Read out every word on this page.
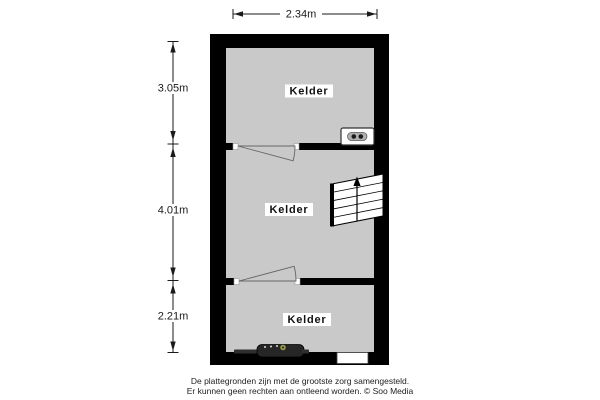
2.34m
3.05m
4.01m
2.21m
Kelder
Kelder
Kelder
De plattegronden zijn met de grootste zorg samengesteld.
Er kunnen geen rechten aan ontleend worden. © Soo Media
